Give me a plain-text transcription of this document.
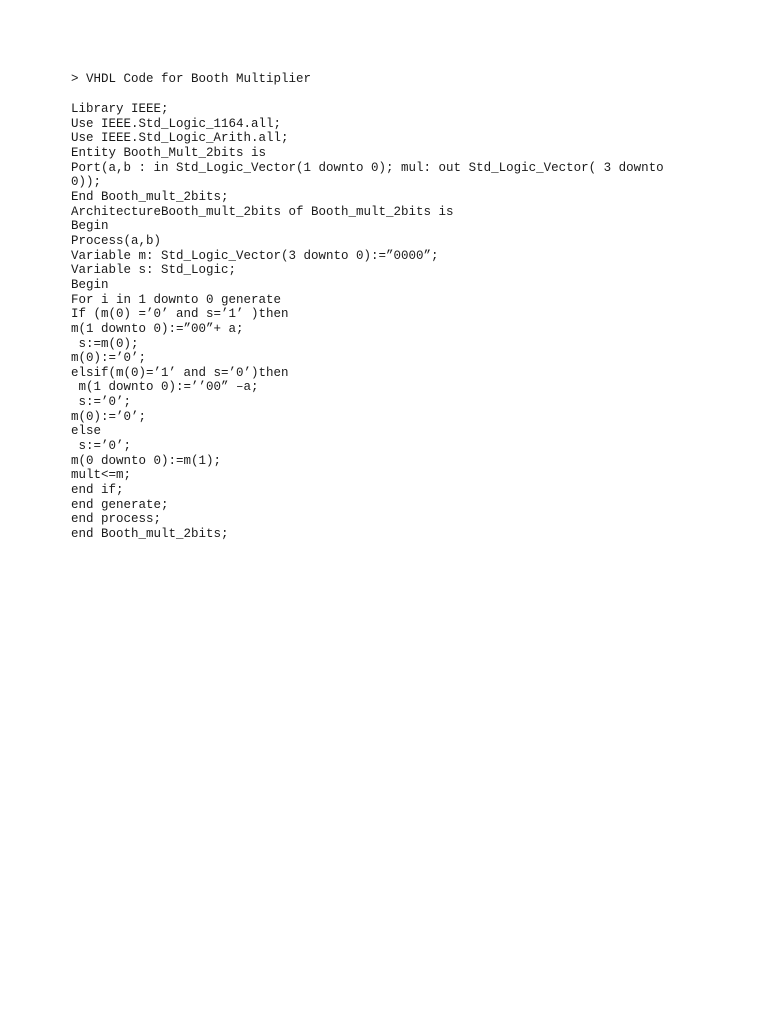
> VHDL Code for Booth Multiplier

Library IEEE;
Use IEEE.Std_Logic_1164.all;
Use IEEE.Std_Logic_Arith.all;
Entity Booth_Mult_2bits is
Port(a,b : in Std_Logic_Vector(1 downto 0); mul: out Std_Logic_Vector( 3 downto
0));
End Booth_mult_2bits;
ArchitectureBooth_mult_2bits of Booth_mult_2bits is
Begin
Process(a,b)
Variable m: Std_Logic_Vector(3 downto 0):=”0000”;
Variable s: Std_Logic;
Begin
For i in 1 downto 0 generate
If (m(0) =’0’ and s=’1’ )then
m(1 downto 0):=”00”+ a;
s:=m(0);
m(0):=’0’;
elsif(m(0)=’1’ and s=’0’)then
m(1 downto 0):=’’00” –a;
s:=’0’;
m(0):=’0’;
else
s:=’0’;
m(0 downto 0):=m(1);
mult<=m;
end if;
end generate;
end process;
end Booth_mult_2bits;
